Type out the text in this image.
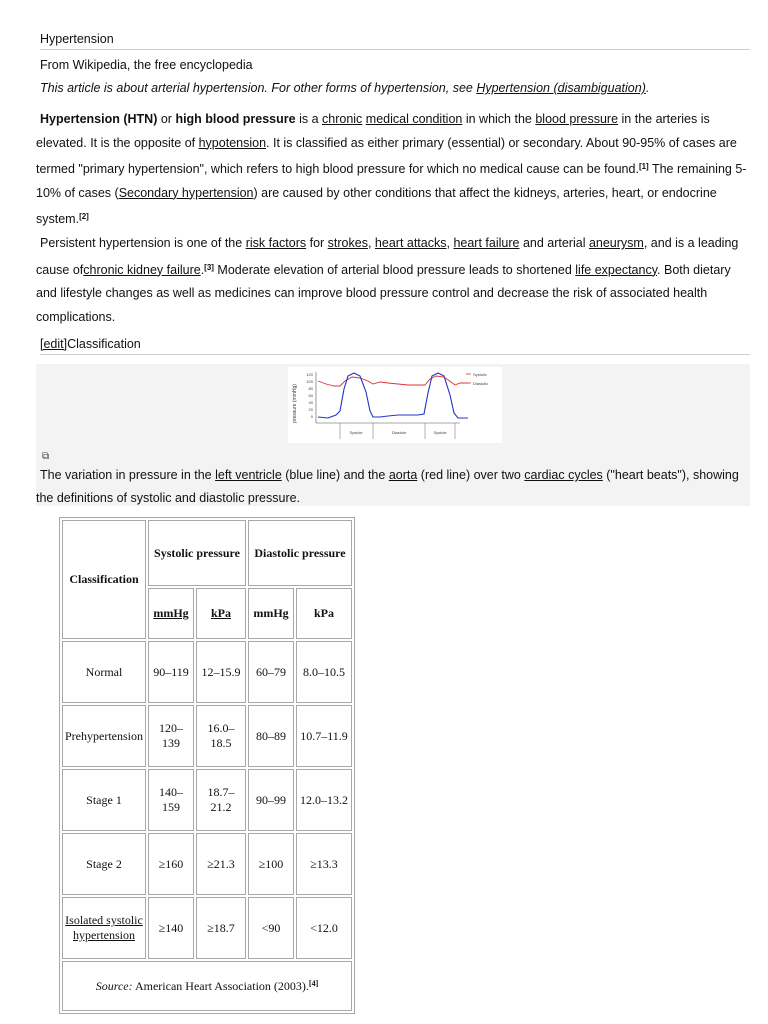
Hypertension
From Wikipedia, the free encyclopedia
This article is about arterial hypertension. For other forms of hypertension, see Hypertension (disambiguation).
Hypertension (HTN) or high blood pressure is a chronic medical condition in which the blood pressure in the arteries is elevated. It is the opposite of hypotension. It is classified as either primary (essential) or secondary. About 90-95% of cases are termed "primary hypertension", which refers to high blood pressure for which no medical cause can be found.[1] The remaining 5-10% of cases (Secondary hypertension) are caused by other conditions that affect the kidneys, arteries, heart, or endocrine system.[2]
Persistent hypertension is one of the risk factors for strokes, heart attacks, heart failure and arterial aneurysm, and is a leading cause ofchronic kidney failure.[3] Moderate elevation of arterial blood pressure leads to shortened life expectancy. Both dietary and lifestyle changes as well as medicines can improve blood pressure control and decrease the risk of associated health complications.
[edit]Classification
pressure (mmHg)
120
100
80
60
40
20
0
Systolic
Diastolic
Systole	Diastole	Systole
⧉
The variation in pressure in the left ventricle (blue line) and the aorta (red line) over two cardiac cycles ("heart beats"), showing the definitions of systolic and diastolic pressure.
Classification	Systolic pressure		Diastolic pressure	
	mmHg	kPa	mmHg	kPa
Normal	90–119	12–15.9	60–79	8.0–10.5
Prehypertension	120–139	16.0–18.5	80–89	10.7–11.9
Stage 1	140–159	18.7–21.2	90–99	12.0–13.2
Stage 2	≥160	≥21.3	≥100	≥13.3
Isolated systolic hypertension	≥140	≥18.7	<90	<12.0
Source: American Heart Association (2003).[4]
